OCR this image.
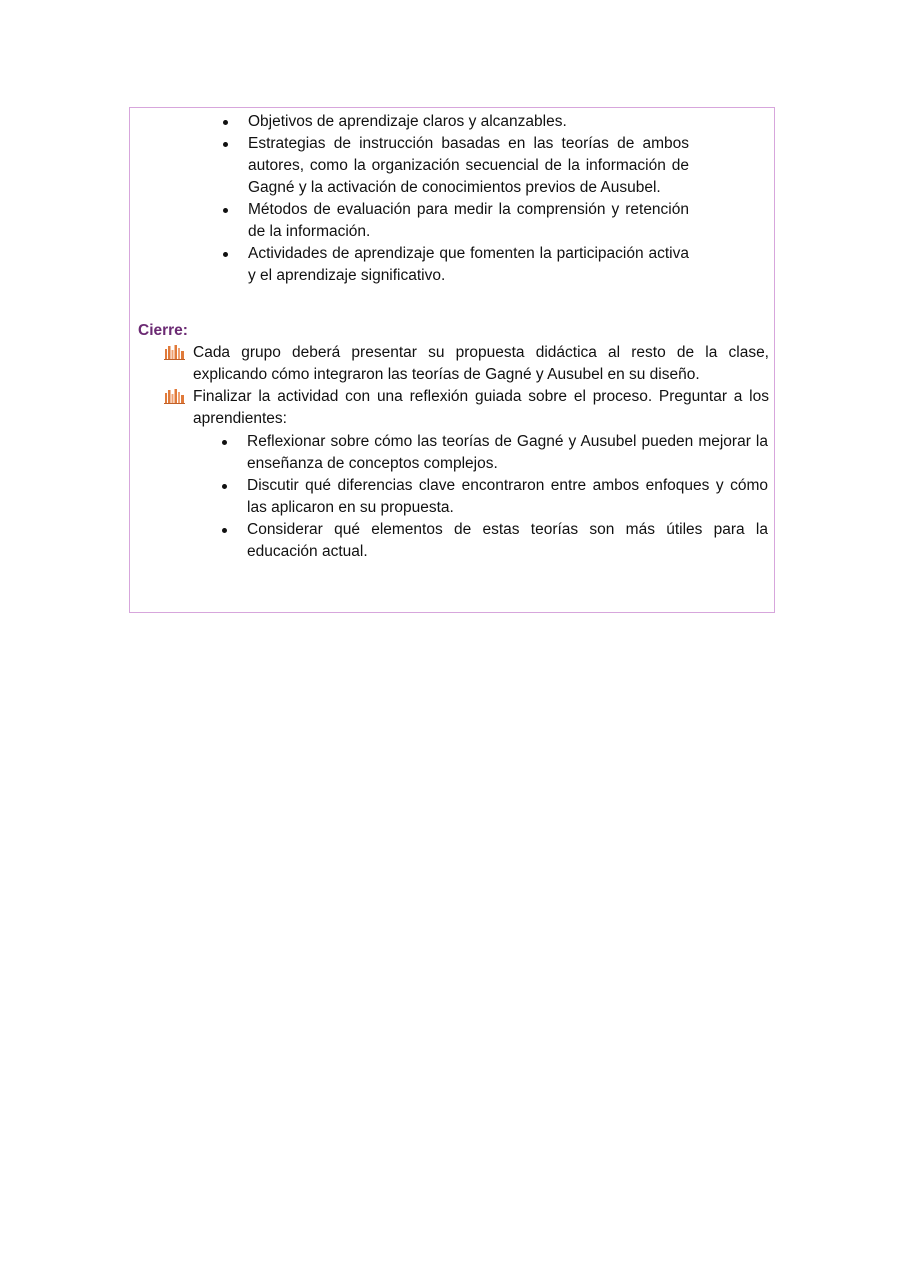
Objetivos de aprendizaje claros y alcanzables.
Estrategias de instrucción basadas en las teorías de ambos autores, como la organización secuencial de la información de Gagné y la activación de conocimientos previos de Ausubel.
Métodos de evaluación para medir la comprensión y retención de la información.
Actividades de aprendizaje que fomenten la participación activa y el aprendizaje significativo.
Cierre:
Cada grupo deberá presentar su propuesta didáctica al resto de la clase, explicando cómo integraron las teorías de Gagné y Ausubel en su diseño.
Finalizar la actividad con una reflexión guiada sobre el proceso. Preguntar a los aprendientes:
Reflexionar sobre cómo las teorías de Gagné y Ausubel pueden mejorar la enseñanza de conceptos complejos.
Discutir qué diferencias clave encontraron entre ambos enfoques y cómo las aplicaron en su propuesta.
Considerar qué elementos de estas teorías son más útiles para la educación actual.
